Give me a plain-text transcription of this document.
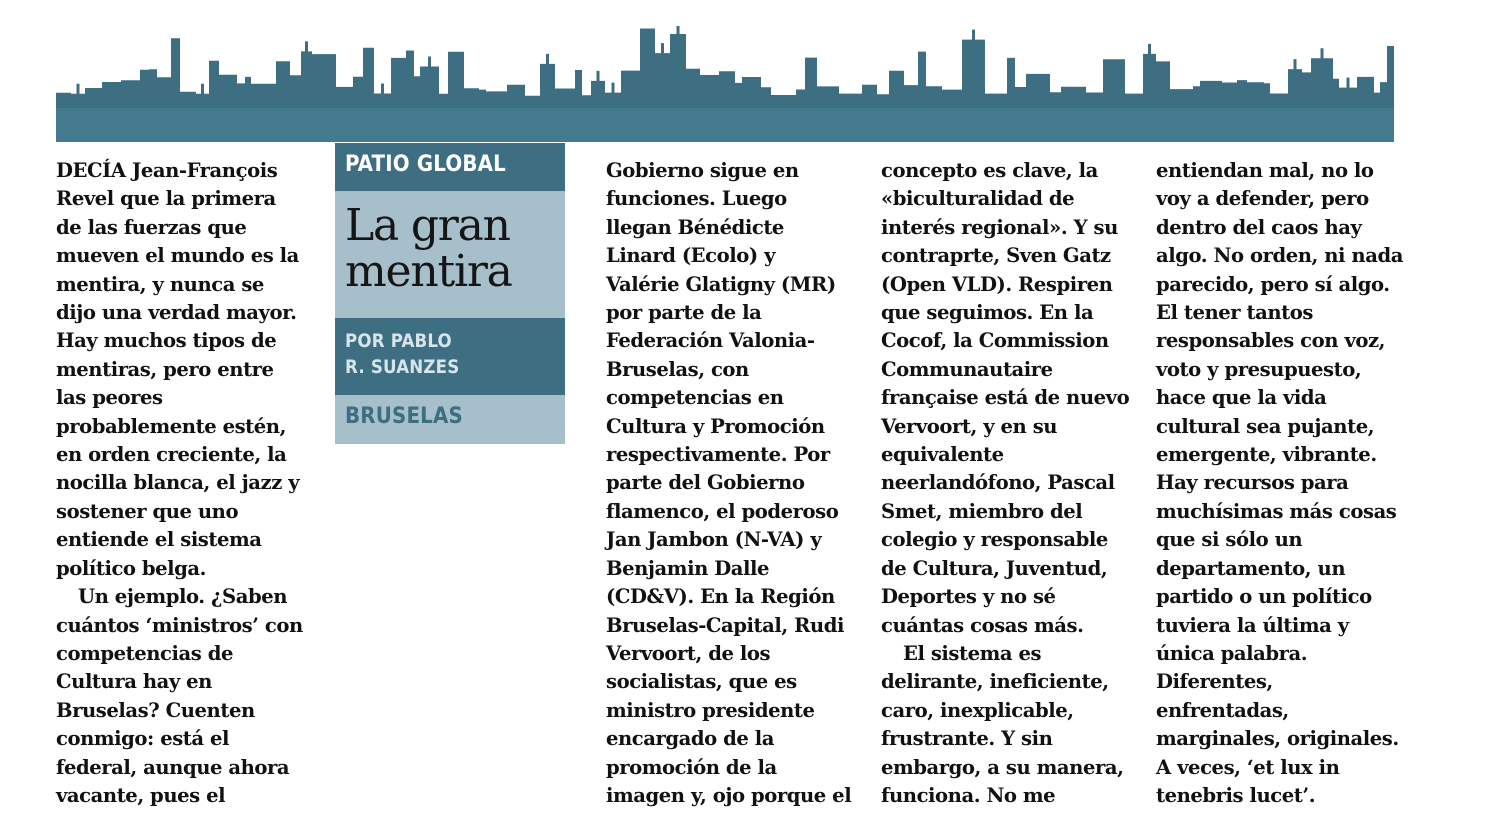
DECÍA Jean-François
Revel que la primera
de las fuerzas que
mueven el mundo es la
mentira, y nunca se
dijo una verdad mayor.
Hay muchos tipos de
mentiras, pero entre
las peores
probablemente estén,
en orden creciente, la
nocilla blanca, el jazz y
sostener que uno
entiende el sistema
político belga.

Un ejemplo. ¿Saben
cuántos ‘ministros’ con
competencias de
Cultura hay en
Bruselas? Cuenten
conmigo: está el
federal, aunque ahora
vacante, pues el

PATIO GLOBAL
La gran
mentira
POR PABLO
R. SUANZES
BRUSELAS

Gobierno sigue en
funciones. Luego
llegan Bénédicte
Linard (Ecolo) y
Valérie Glatigny (MR)
por parte de la
Federación Valonia-
Bruselas, con
competencias en
Cultura y Promoción
respectivamente. Por
parte del Gobierno
flamenco, el poderoso
Jan Jambon (N-VA) y
Benjamin Dalle
(CD&V). En la Región
Bruselas-Capital, Rudi
Vervoort, de los
socialistas, que es
ministro presidente
encargado de la
promoción de la
imagen y, ojo porque el

concepto es clave, la
«biculturalidad de
interés regional». Y su
contraprte, Sven Gatz
(Open VLD). Respiren
que seguimos. En la
Cocof, la Commission
Communautaire
française está de nuevo
Vervoort, y en su
equivalente
neerlandófono, Pascal
Smet, miembro del
colegio y responsable
de Cultura, Juventud,
Deportes y no sé
cuántas cosas más.

El sistema es
delirante, ineficiente,
caro, inexplicable,
frustrante. Y sin
embargo, a su manera,
funciona. No me

entiendan mal, no lo
voy a defender, pero
dentro del caos hay
algo. No orden, ni nada
parecido, pero sí algo.
El tener tantos
responsables con voz,
voto y presupuesto,
hace que la vida
cultural sea pujante,
emergente, vibrante.
Hay recursos para
muchísimas más cosas
que si sólo un
departamento, un
partido o un político
tuviera la última y
única palabra.
Diferentes,
enfrentadas,
marginales, originales.
A veces, ‘et lux in
tenebris lucet’.
